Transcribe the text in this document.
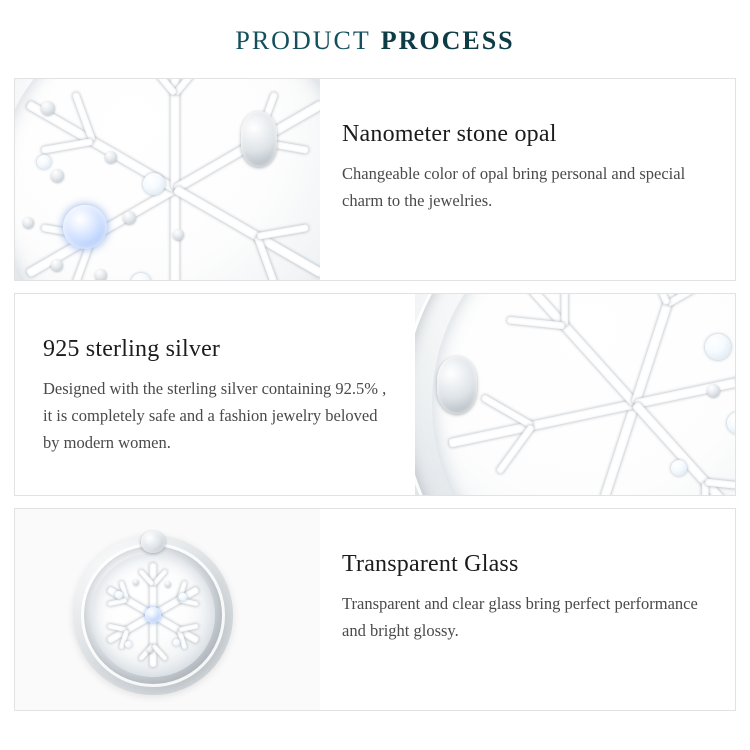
PRODUCT PROCESS
Nanometer stone opal

Changeable color of opal bring personal and special charm to the jewelries.

925 sterling silver

Designed with the sterling silver containing 92.5% , it is completely safe and a fashion jewelry beloved by modern women.

Transparent Glass

Transparent and clear glass bring perfect performance and bright glossy.
